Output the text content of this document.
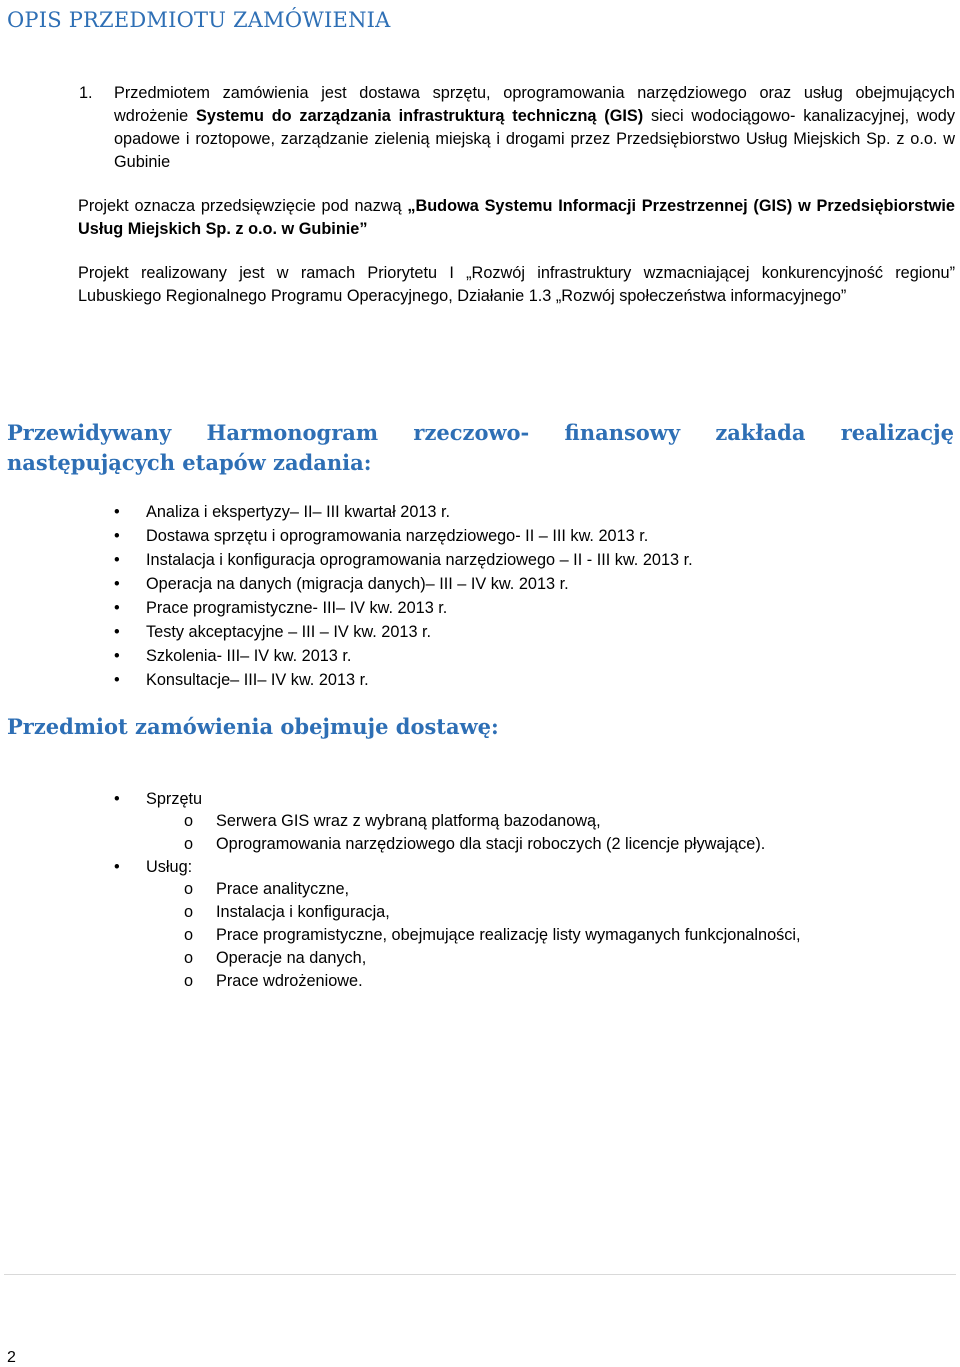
OPIS PRZEDMIOTU ZAMÓWIENIA
1. Przedmiotem zamówienia jest dostawa sprzętu, oprogramowania narzędziowego oraz usług obejmujących wdrożenie Systemu do zarządzania infrastrukturą techniczną (GIS) sieci wodociągowo- kanalizacyjnej, wody opadowe i roztopowe, zarządzanie zielenią miejską i drogami przez Przedsiębiorstwo Usług Miejskich Sp. z o.o. w Gubinie

Projekt oznacza przedsięwzięcie pod nazwą „Budowa Systemu Informacji Przestrzennej (GIS) w Przedsiębiorstwie Usług Miejskich Sp. z o.o. w Gubinie”

Projekt realizowany jest w ramach Priorytetu I „Rozwój infrastruktury wzmacniającej konkurencyjność regionu” Lubuskiego Regionalnego Programu Operacyjnego, Działanie 1.3 „Rozwój społeczeństwa informacyjnego”

Przewidywany Harmonogram rzeczowo- finansowy zakłada realizację następujących etapów zadania:
• Analiza i ekspertyzy– II– III kwartał 2013 r.
• Dostawa sprzętu i oprogramowania narzędziowego- II – III kw. 2013 r.
• Instalacja i konfiguracja oprogramowania narzędziowego – II - III kw. 2013 r.
• Operacja na danych (migracja danych)– III – IV kw. 2013 r.
• Prace programistyczne- III– IV kw. 2013 r.
• Testy akceptacyjne – III – IV kw. 2013 r.
• Szkolenia- III– IV kw. 2013 r.
• Konsultacje– III– IV kw. 2013 r.
Przedmiot zamówienia obejmuje dostawę:
•	Sprzętu
o Serwera GIS wraz z wybraną platformą bazodanową,
o Oprogramowania narzędziowego dla stacji roboczych (2 licencje pływające).
•	Usług:
o Prace analityczne,
o Instalacja i konfiguracja,
o Prace programistyczne, obejmujące realizację listy wymaganych funkcjonalności,
o Operacje na danych,
o Prace wdrożeniowe.
2
